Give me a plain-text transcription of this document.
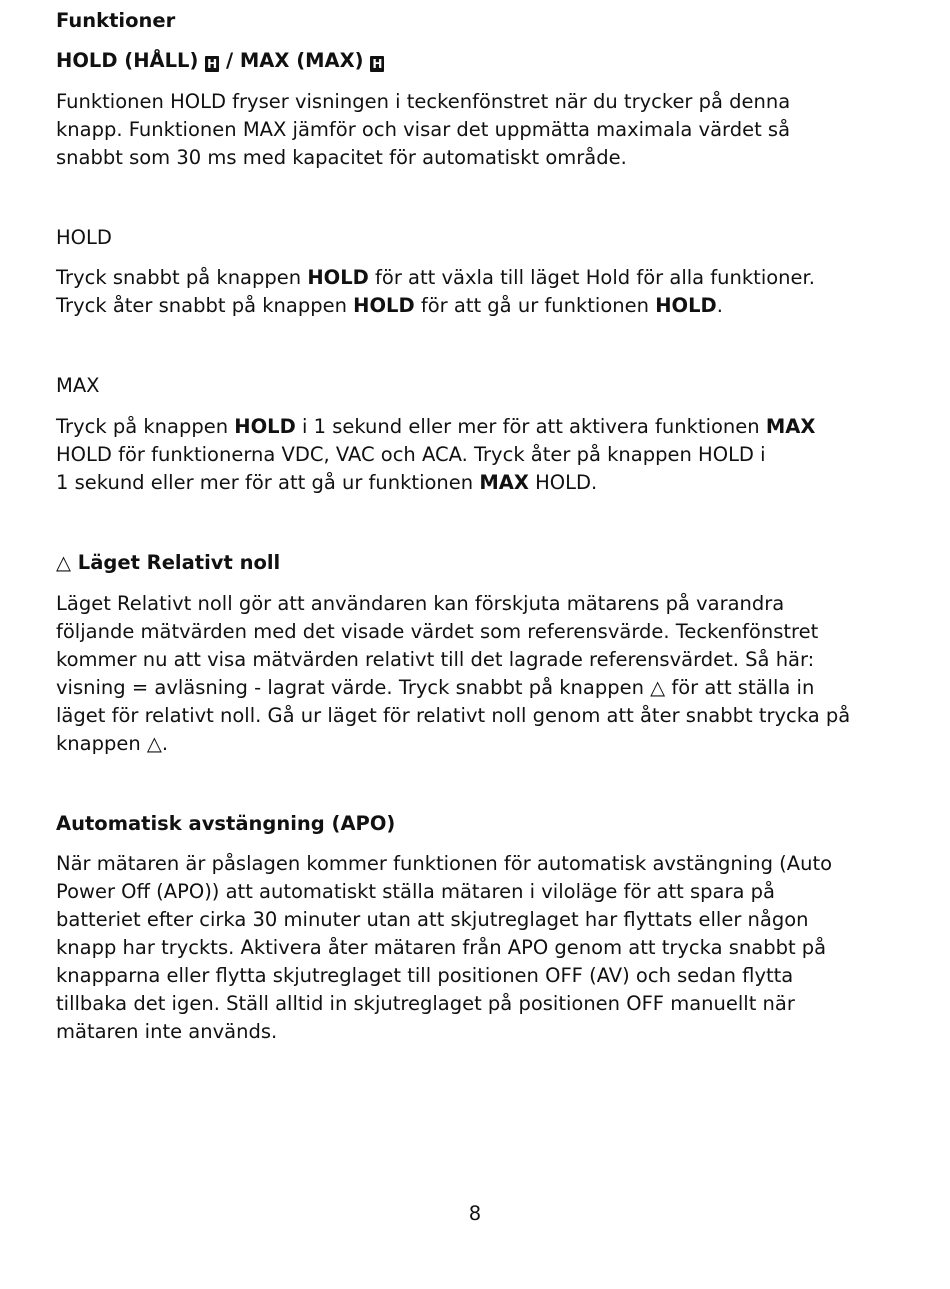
Funktioner
HOLD (HÅLL) H / MAX (MAX) H
Funktionen HOLD fryser visningen i teckenfönstret när du trycker på denna
knapp. Funktionen MAX jämför och visar det uppmätta maximala värdet så
snabbt som 30 ms med kapacitet för automatiskt område.
HOLD
Tryck snabbt på knappen HOLD för att växla till läget Hold för alla funktioner.
Tryck åter snabbt på knappen HOLD för att gå ur funktionen HOLD.
MAX
Tryck på knappen HOLD i 1 sekund eller mer för att aktivera funktionen MAX
HOLD för funktionerna VDC, VAC och ACA. Tryck åter på knappen HOLD i
1 sekund eller mer för att gå ur funktionen MAX HOLD.
△ Läget Relativt noll
Läget Relativt noll gör att användaren kan förskjuta mätarens på varandra
följande mätvärden med det visade värdet som referensvärde. Teckenfönstret
kommer nu att visa mätvärden relativt till det lagrade referensvärdet. Så här:
visning = avläsning - lagrat värde. Tryck snabbt på knappen △ för att ställa in
läget för relativt noll. Gå ur läget för relativt noll genom att åter snabbt trycka på
knappen △.
Automatisk avstängning (APO)
När mätaren är påslagen kommer funktionen för automatisk avstängning (Auto
Power Off (APO)) att automatiskt ställa mätaren i viloläge för att spara på
batteriet efter cirka 30 minuter utan att skjutreglaget har flyttats eller någon
knapp har tryckts. Aktivera åter mätaren från APO genom att trycka snabbt på
knapparna eller flytta skjutreglaget till positionen OFF (AV) och sedan flytta
tillbaka det igen. Ställ alltid in skjutreglaget på positionen OFF manuellt när
mätaren inte används.
8
